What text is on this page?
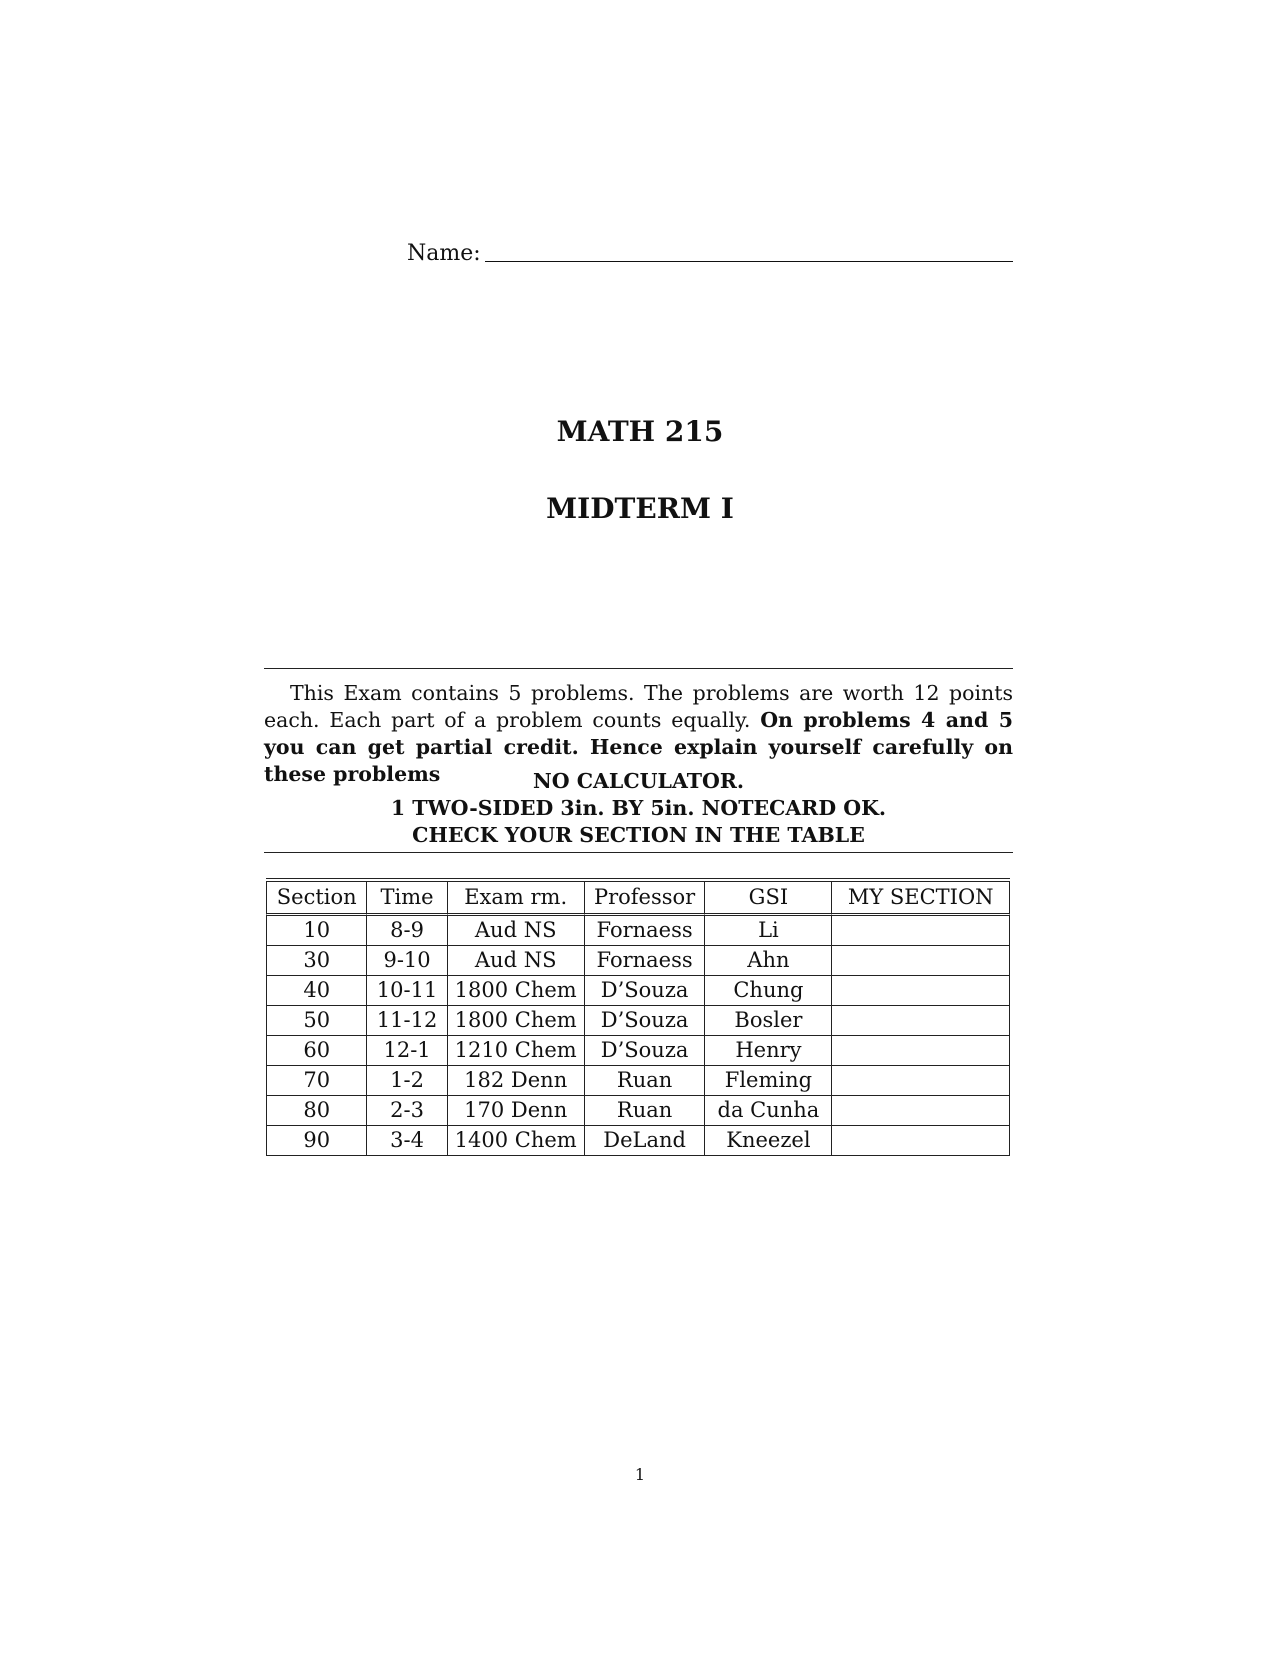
Name:
MATH 215
MIDTERM I
This Exam contains 5 problems. The problems are worth 12 points each. Each part of a problem counts equally. On problems 4 and 5 you can get partial credit. Hence explain yourself carefully on these problems	NO CALCULATOR.
1 TWO-SIDED 3in. BY 5in. NOTECARD OK.
CHECK YOUR SECTION IN THE TABLE
Section	Time	Exam rm.	Professor	GSI	MY SECTION
10	8-9	Aud NS	Fornaess	Li	
30	9-10	Aud NS	Fornaess	Ahn	
40	10-11	1800 Chem	D’Souza	Chung	
50	11-12	1800 Chem	D’Souza	Bosler	
60	12-1	1210 Chem	D’Souza	Henry	
70	1-2	182 Denn	Ruan	Fleming	
80	2-3	170 Denn	Ruan	da Cunha	
90	3-4	1400 Chem	DeLand	Kneezel	
1
